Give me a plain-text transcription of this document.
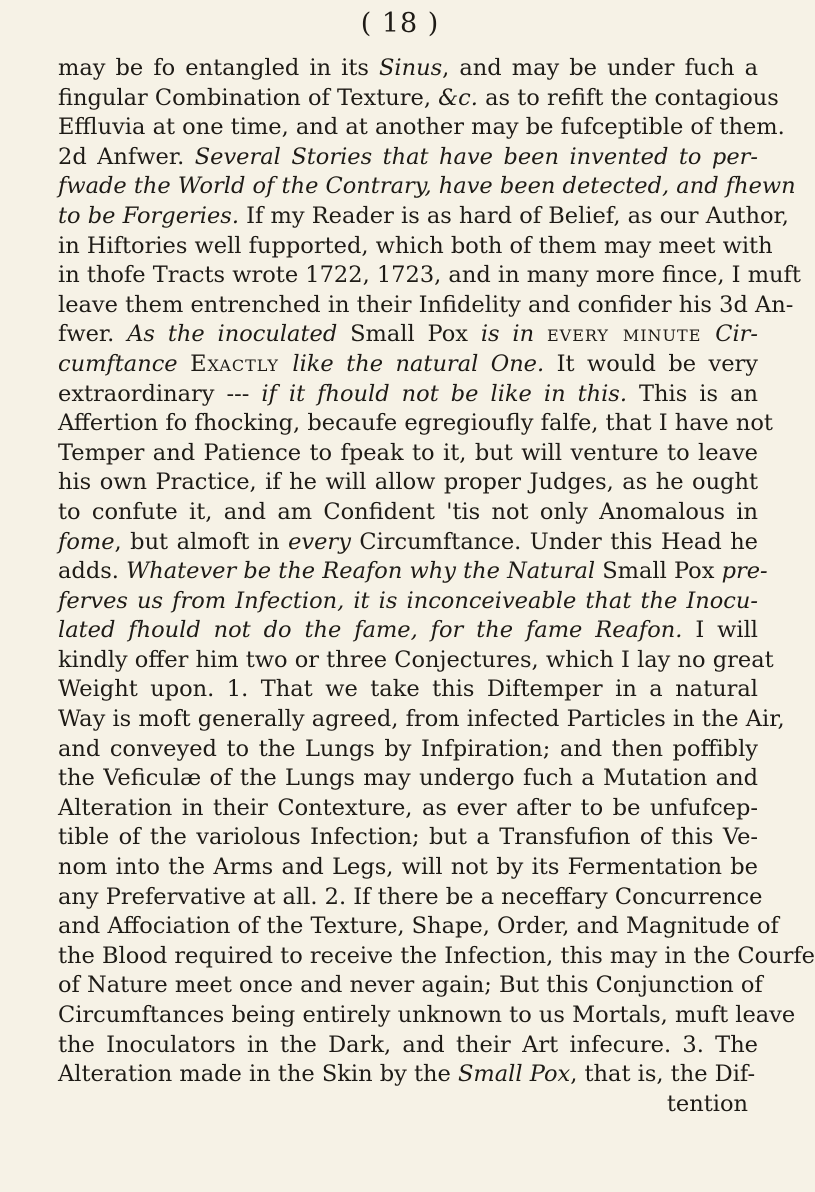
( 18 )
may be fo entangled in its Sinus, and may be under fuch a
fingular Combination of Texture, &c. as to refift the contagious
Effluvia at one time, and at another may be fufceptible of them.
2d Anfwer. Several Stories that have been invented to per-
fwade the World of the Contrary, have been detected, and fhewn
to be Forgeries. If my Reader is as hard of Belief, as our Author,
in Hiftories well fupported, which both of them may meet with
in thofe Tracts wrote 1722, 1723, and in many more fince, I muft
leave them entrenched in their Infidelity and confider his 3d An-
fwer. As the inoculated Small Pox is in every minute Cir-
cumftance Exactly like the natural One. It would be very
extraordinary --- if it fhould not be like in this. This is an
Affertion fo fhocking, becaufe egregioufly falfe, that I have not
Temper and Patience to fpeak to it, but will venture to leave
his own Practice, if he will allow proper Judges, as he ought
to confute it, and am Confident 'tis not only Anomalous in
fome, but almoft in every Circumftance. Under this Head he
adds. Whatever be the Reafon why the Natural Small Pox pre-
ferves us from Infection, it is inconceiveable that the Inocu-
lated fhould not do the fame, for the fame Reafon. I will
kindly offer him two or three Conjectures, which I lay no great
Weight upon. 1. That we take this Diftemper in a natural
Way is moft generally agreed, from infected Particles in the Air,
and conveyed to the Lungs by Infpiration; and then poffibly
the Veficulæ of the Lungs may undergo fuch a Mutation and
Alteration in their Contexture, as ever after to be unfufcep-
tible of the variolous Infection; but a Transfufion of this Ve-
nom into the Arms and Legs, will not by its Fermentation be
any Prefervative at all. 2. If there be a neceffary Concurrence
and Affociation of the Texture, Shape, Order, and Magnitude of
the Blood required to receive the Infection, this may in the Courfe
of Nature meet once and never again; But this Conjunction of
Circumftances being entirely unknown to us Mortals, muft leave
the Inoculators in the Dark, and their Art infecure. 3. The
Alteration made in the Skin by the Small Pox, that is, the Dif-
tention
